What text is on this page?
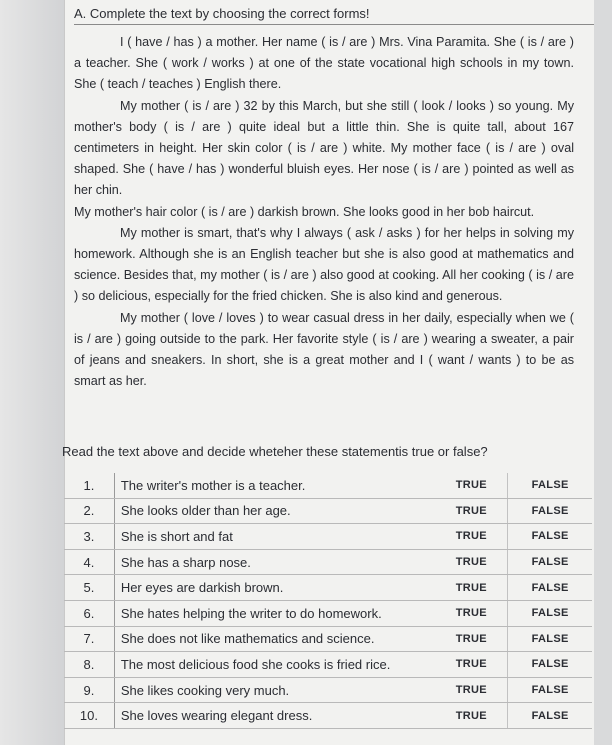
A. Complete the text by choosing the correct forms!

I ( have / has ) a mother. Her name ( is / are ) Mrs. Vina Paramita. She ( is / are ) a teacher. She ( work / works ) at one of the state vocational high schools in my town. She ( teach / teaches ) English there.

My mother ( is / are ) 32 by this March, but she still ( look / looks ) so young. My mother's body ( is / are ) quite ideal but a little thin. She is quite tall, about 167 centimeters in height. Her skin color ( is / are ) white. My mother face ( is / are ) oval shaped. She ( have / has ) wonderful bluish eyes. Her nose ( is / are ) pointed as well as her chin.

My mother's hair color ( is / are ) darkish brown. She looks good in her bob haircut.

My mother is smart, that's why I always ( ask / asks ) for her helps in solving my homework. Although she is an English teacher but she is also good at mathematics and science. Besides that, my mother ( is / are ) also good at cooking. All her cooking ( is / are ) so delicious, especially for the fried chicken. She is also kind and generous.

My mother ( love / loves ) to wear casual dress in her daily, especially when we ( is / are ) going outside to the park. Her favorite style ( is / are ) wearing a sweater, a pair of jeans and sneakers. In short, she is a great mother and I ( want / wants ) to be as smart as her.

Read the text above and decide wheteher these statementis true or false?
1.	The writer's mother is a teacher.	TRUE	FALSE
2.	She looks older than her age.	TRUE	FALSE
3.	She is short and fat	TRUE	FALSE
4.	She has a sharp nose.	TRUE	FALSE
5.	Her eyes are darkish brown.	TRUE	FALSE
6.	She hates helping the writer to do homework.	TRUE	FALSE
7.	She does not like mathematics and science.	TRUE	FALSE
8.	The most delicious food she cooks is fried rice.	TRUE	FALSE
9.	She likes cooking very much.	TRUE	FALSE
10.	She loves wearing elegant dress.	TRUE	FALSE
